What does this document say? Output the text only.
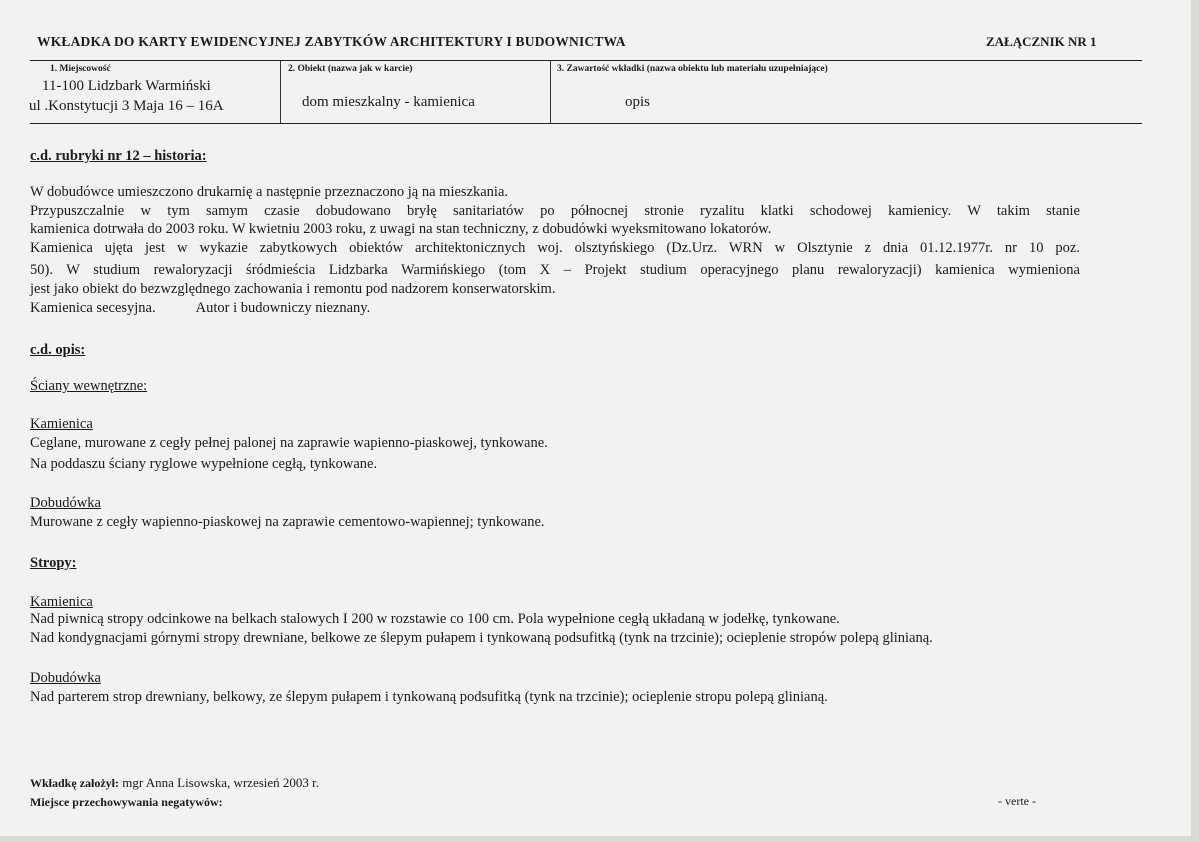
WKŁADKA DO KARTY EWIDENCYJNEJ ZABYTKÓW ARCHITEKTURY I BUDOWNICTWA	ZAŁĄCZNIK NR 1
1. Miejscowość
11-100 Lidzbark Warmiński
ul .Konstytucji 3 Maja 16 – 16A
2. Obiekt (nazwa jak w karcie)
dom mieszkalny - kamienica
3. Zawartość wkładki (nazwa obiektu lub materiału uzupełniające)
opis
c.d. rubryki nr 12 – historia:
W dobudówce umieszczono drukarnię a następnie przeznaczono ją na mieszkania.
Przypuszczalnie w tym samym czasie dobudowano bryłę sanitariatów po północnej stronie ryzalitu klatki schodowej kamienicy. W takim stanie
kamienica dotrwała do 2003 roku. W kwietniu 2003 roku, z uwagi na stan techniczny, z dobudówki wyeksmitowano lokatorów.
Kamienica ujęta jest w wykazie zabytkowych obiektów architektonicznych woj. olsztyńskiego (Dz.Urz. WRN w Olsztynie z dnia 01.12.1977r. nr 10 poz.
50). W studium rewaloryzacji śródmieścia Lidzbarka Warmińskiego (tom X – Projekt studium operacyjnego planu rewaloryzacji) kamienica wymieniona
jest jako obiekt do bezwzględnego zachowania i remontu pod nadzorem konserwatorskim.
Kamienica secesyjna.	Autor i budowniczy nieznany.
c.d. opis:
Ściany wewnętrzne:
Kamienica
Ceglane, murowane z cegły pełnej palonej na zaprawie wapienno-piaskowej, tynkowane.
Na poddaszu ściany ryglowe wypełnione cegłą, tynkowane.
Dobudówka
Murowane z cegły wapienno-piaskowej na zaprawie cementowo-wapiennej; tynkowane.
Stropy:
Kamienica
Nad piwnicą stropy odcinkowe na belkach stalowych I 200 w rozstawie co 100 cm. Pola wypełnione cegłą układaną w jodełkę, tynkowane.
Nad kondygnacjami górnymi stropy drewniane, belkowe ze ślepym pułapem i tynkowaną podsufitką (tynk na trzcinie); ocieplenie stropów polepą glinianą.
Dobudówka
Nad parterem strop drewniany, belkowy, ze ślepym pułapem i tynkowaną podsufitką (tynk na trzcinie); ocieplenie stropu polepą glinianą.
Wkładkę założył: mgr Anna Lisowska, wrzesień 2003 r.
Miejsce przechowywania negatywów:	- verte -
